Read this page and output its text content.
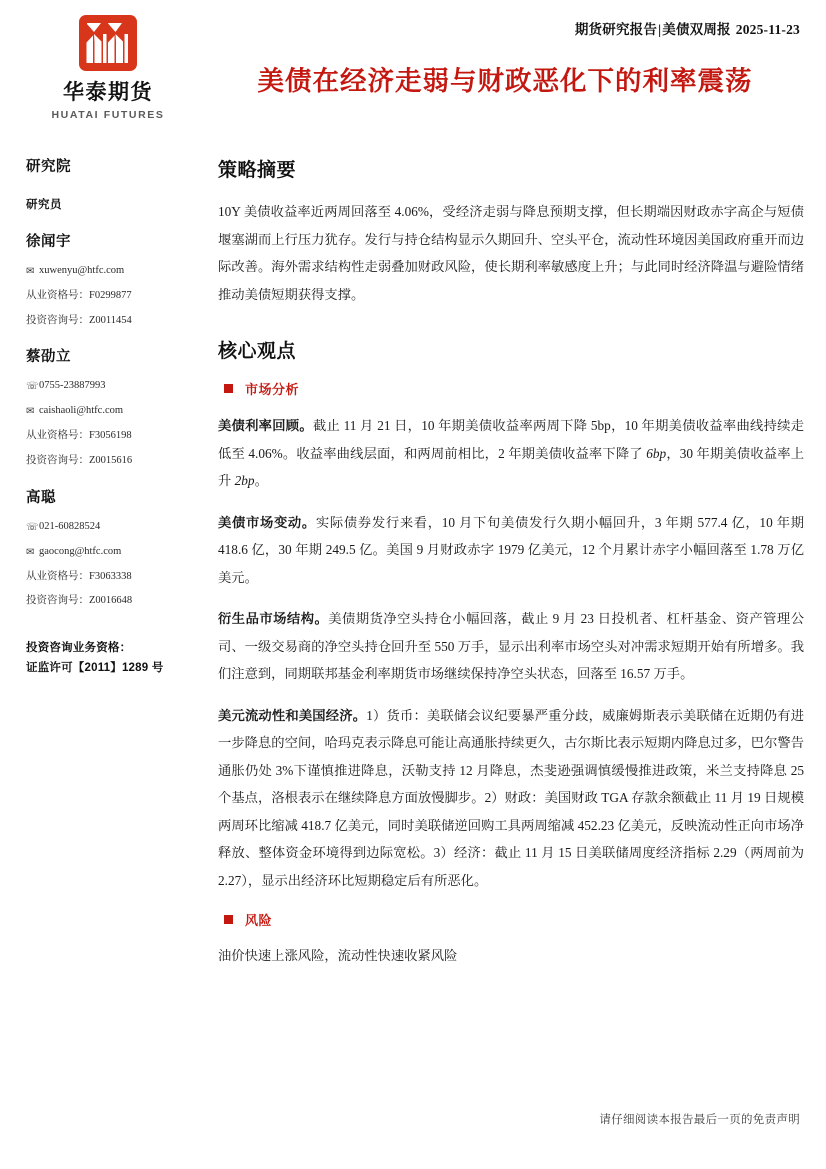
期货研究报告|美债双周报 2025-11-23
美债在经济走弱与财政恶化下的利率震荡
华泰期货
HUATAI FUTURES
研究院
研究员
徐闻宇
✉ xuwenyu@htfc.com
从业资格号：F0299877
投资咨询号：Z0011454
蔡劭立
☏0755-23887993
✉ caishaoli@htfc.com
从业资格号：F3056198
投资咨询号：Z0015616
高聪
☏021-60828524
✉ gaocong@htfc.com
从业资格号：F3063338
投资咨询号：Z0016648
投资咨询业务资格：
证监许可【2011】1289 号
策略摘要

10Y 美债收益率近两周回落至 4.06%，受经济走弱与降息预期支撑，但长期端因财政赤字高企与短债堰塞湖而上行压力犹存。发行与持仓结构显示久期回升、空头平仓，流动性环境因美国政府重开而边际改善。海外需求结构性走弱叠加财政风险，使长期利率敏感度上升；与此同时经济降温与避险情绪推动美债短期获得支撑。

核心观点
市场分析

美债利率回顾。截止 11 月 21 日，10 年期美债收益率两周下降 5bp，10 年期美债收益率曲线持续走低至 4.06%。收益率曲线层面，和两周前相比，2 年期美债收益率下降了 6bp，30 年期美债收益率上升 2bp。

美债市场变动。实际债券发行来看，10 月下旬美债发行久期小幅回升，3 年期 577.4 亿，10 年期 418.6 亿，30 年期 249.5 亿。美国 9 月财政赤字 1979 亿美元，12 个月累计赤字小幅回落至 1.78 万亿美元。

衍生品市场结构。美债期货净空头持仓小幅回落，截止 9 月 23 日投机者、杠杆基金、资产管理公司、一级交易商的净空头持仓回升至 550 万手，显示出利率市场空头对冲需求短期开始有所增多。我们注意到，同期联邦基金利率期货市场继续保持净空头状态，回落至 16.57 万手。

美元流动性和美国经济。1）货币：美联储会议纪要暴严重分歧，威廉姆斯表示美联储在近期仍有进一步降息的空间，哈玛克表示降息可能让高通胀持续更久，古尔斯比表示短期内降息过多，巴尔警告通胀仍处 3%下谨慎推进降息，沃勒支持 12 月降息，杰斐逊强调慎缓慢推进政策，米兰支持降息 25 个基点，洛根表示在继续降息方面放慢脚步。2）财政：美国财政 TGA 存款余额截止 11 月 19 日规模两周环比缩减 418.7 亿美元，同时美联储逆回购工具两周缩减 452.23 亿美元，反映流动性正向市场净释放、整体资金环境得到边际宽松。3）经济：截止 11 月 15 日美联储周度经济指标 2.29（两周前为 2.27），显示出经济环比短期稳定后有所恶化。

风险

油价快速上涨风险，流动性快速收紧风险

请仔细阅读本报告最后一页的免责声明
